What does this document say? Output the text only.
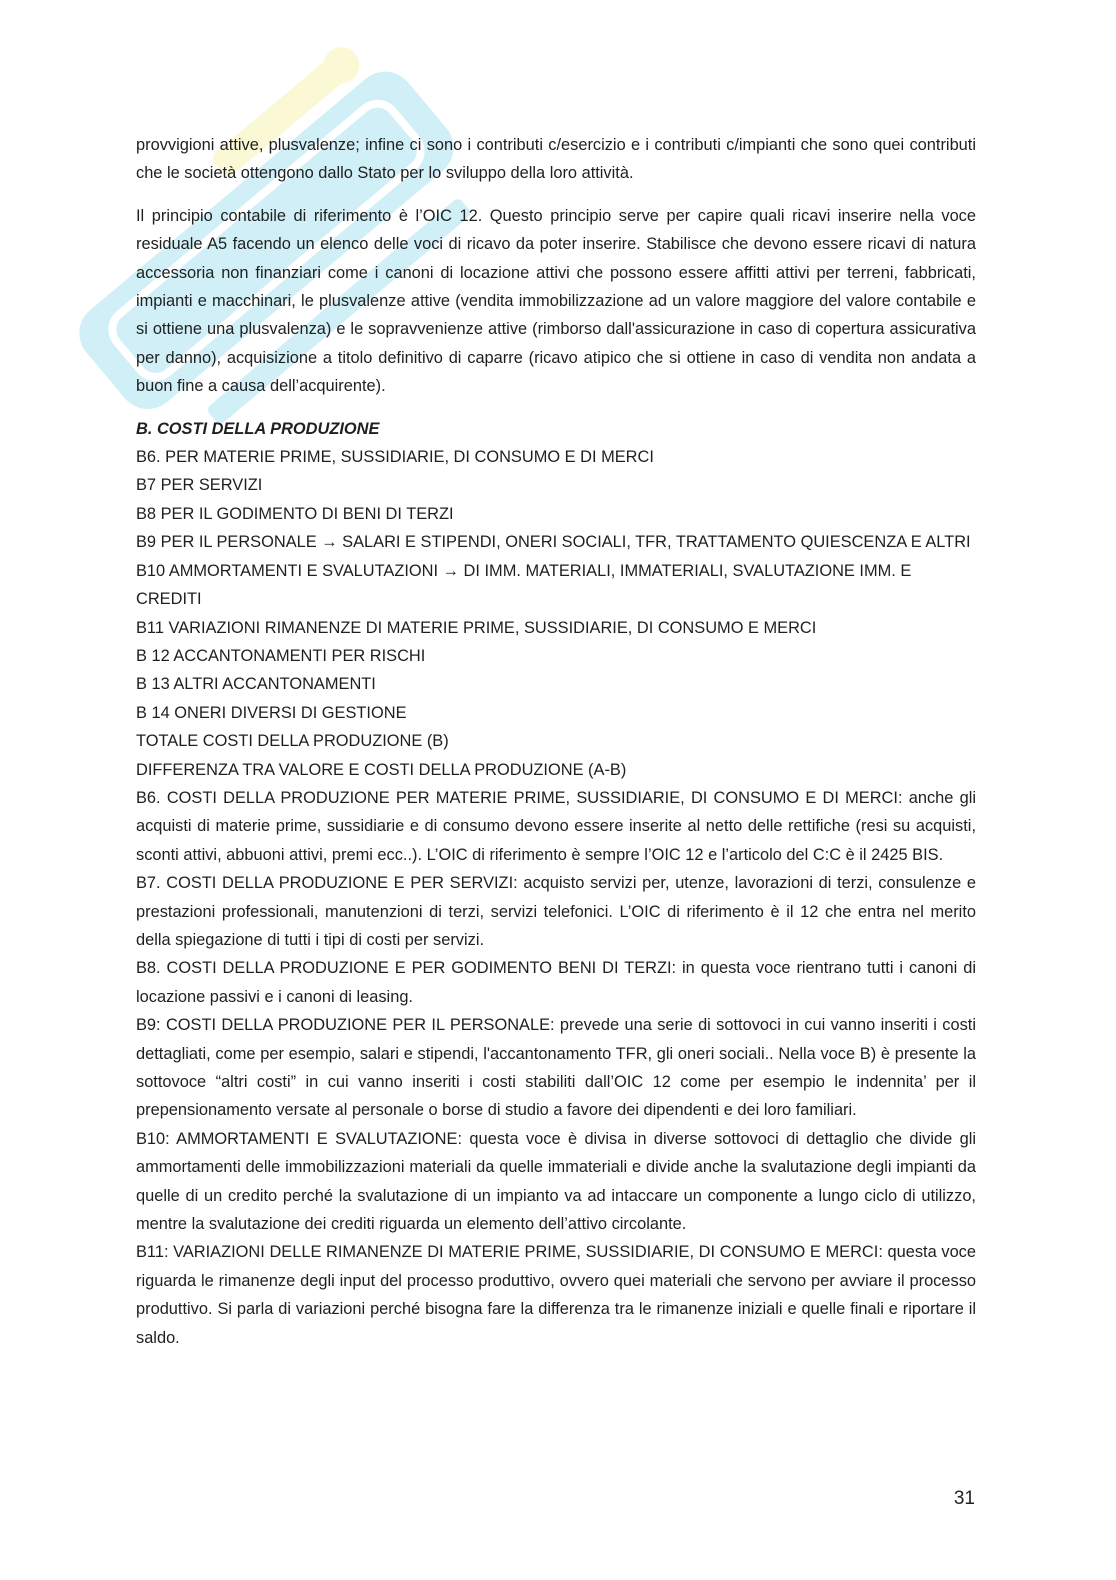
provvigioni attive, plusvalenze; infine ci sono i contributi c/esercizio e i contributi c/impianti che sono quei contributi che le società ottengono dallo Stato per lo sviluppo della loro attività.

Il principio contabile di riferimento è l’OIC 12. Questo principio serve per capire quali ricavi inserire nella voce residuale A5 facendo un elenco delle voci di ricavo da poter inserire. Stabilisce che devono essere ricavi di natura accessoria non finanziari come i canoni di locazione attivi che possono essere affitti attivi per terreni, fabbricati, impianti e macchinari, le plusvalenze attive (vendita immobilizzazione ad un valore maggiore del valore contabile e si ottiene una plusvalenza) e le sopravvenienze attive (rimborso dall'assicurazione in caso di copertura assicurativa per danno), acquisizione a titolo definitivo di caparre (ricavo atipico che si ottiene in caso di vendita non andata a buon fine a causa dell’acquirente).

B. COSTI DELLA PRODUZIONE

B6. PER MATERIE PRIME, SUSSIDIARIE, DI CONSUMO E DI MERCI

B7 PER SERVIZI

B8 PER IL GODIMENTO DI BENI DI TERZI

B9 PER IL PERSONALE → SALARI E STIPENDI, ONERI SOCIALI, TFR, TRATTAMENTO QUIESCENZA E ALTRI

B10 AMMORTAMENTI E SVALUTAZIONI → DI IMM. MATERIALI, IMMATERIALI, SVALUTAZIONE IMM. E CREDITI

B11 VARIAZIONI RIMANENZE DI MATERIE PRIME, SUSSIDIARIE, DI CONSUMO E MERCI

B 12 ACCANTONAMENTI PER RISCHI

B 13 ALTRI ACCANTONAMENTI

B 14 ONERI DIVERSI DI GESTIONE

TOTALE COSTI DELLA PRODUZIONE (B)

DIFFERENZA TRA VALORE E COSTI DELLA PRODUZIONE (A-B)

B6. COSTI DELLA PRODUZIONE PER MATERIE PRIME, SUSSIDIARIE, DI CONSUMO E DI MERCI: anche gli acquisti di materie prime, sussidiarie e di consumo devono essere inserite al netto delle rettifiche (resi su acquisti, sconti attivi, abbuoni attivi, premi ecc..). L’OIC di riferimento è sempre l’OIC 12 e l’articolo del C:C è il 2425 BIS.

B7. COSTI DELLA PRODUZIONE E PER SERVIZI: acquisto servizi per, utenze, lavorazioni di terzi, consulenze e prestazioni professionali, manutenzioni di terzi, servizi telefonici. L’OIC di riferimento è il 12 che entra nel merito della spiegazione di tutti i tipi di costi per servizi.

B8. COSTI DELLA PRODUZIONE E PER GODIMENTO BENI DI TERZI: in questa voce rientrano tutti i canoni di locazione passivi e i canoni di leasing.

B9: COSTI DELLA PRODUZIONE PER IL PERSONALE: prevede una serie di sottovoci in cui vanno inseriti i costi dettagliati, come per esempio, salari e stipendi, l'accantonamento TFR, gli oneri sociali.. Nella voce B) è presente la sottovoce “altri costi” in cui vanno inseriti i costi stabiliti dall’OIC 12 come per esempio le indennita’ per il prepensionamento versate al personale o borse di studio a favore dei dipendenti e dei loro familiari.

B10: AMMORTAMENTI E SVALUTAZIONE: questa voce è divisa in diverse sottovoci di dettaglio che divide gli ammortamenti delle immobilizzazioni materiali da quelle immateriali e divide anche la svalutazione degli impianti da quelle di un credito perché la svalutazione di un impianto va ad intaccare un componente a lungo ciclo di utilizzo, mentre la svalutazione dei crediti riguarda un elemento dell’attivo circolante.

B11: VARIAZIONI DELLE RIMANENZE DI MATERIE PRIME, SUSSIDIARIE, DI CONSUMO E MERCI: questa voce riguarda le rimanenze degli input del processo produttivo, ovvero quei materiali che servono per avviare il processo produttivo. Si parla di variazioni perché bisogna fare la differenza tra le rimanenze iniziali e quelle finali e riportare il saldo.

31
